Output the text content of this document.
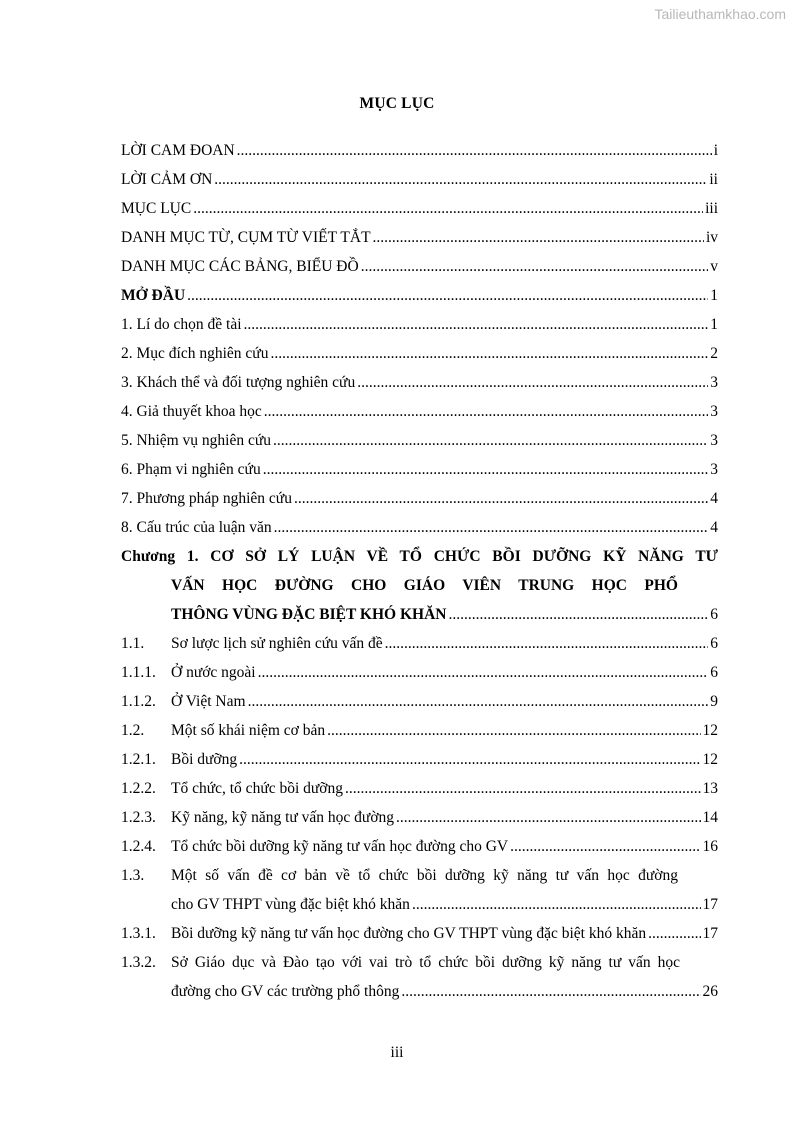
Tailieuthamkhao.com
MỤC LỤC
LỜI CAM ĐOAN .....	i
LỜI CẢM ƠN .....	ii
MỤC LỤC .....	iii
DANH MỤC TỪ, CỤM TỪ VIẾT TẮT .....	iv
DANH MỤC CÁC BẢNG, BIỂU ĐỒ .....	v
MỞ ĐẦU .....	1
1. Lí do chọn đề tài .....	1
2. Mục đích nghiên cứu .....	2
3. Khách thể và đối tượng nghiên cứu .....	3
4. Giả thuyết khoa học .....	3
5. Nhiệm vụ nghiên cứu .....	3
6. Phạm vi nghiên cứu .....	3
7. Phương pháp nghiên cứu .....	4
8. Cấu trúc của luận văn .....	4
Chương 1. CƠ SỞ LÝ LUẬN VỀ TỔ CHỨC BỒI DƯỠNG KỸ NĂNG TƯ
VẤN HỌC ĐƯỜNG CHO GIÁO VIÊN TRUNG HỌC PHỔ
THÔNG VÙNG ĐẶC BIỆT KHÓ KHĂN .....	6
1.1.	Sơ lược lịch sử nghiên cứu vấn đề .....	6
1.1.1. Ở nước ngoài .....	6
1.1.2. Ở Việt Nam .....	9
1.2.	Một số khái niệm cơ bản .....	12
1.2.1. Bồi dưỡng .....	12
1.2.2. Tổ chức, tổ chức bồi dưỡng .....	13
1.2.3. Kỹ năng, kỹ năng tư vấn học đường .....	14
1.2.4. Tổ chức bồi dưỡng kỹ năng tư vấn học đường cho GV .....	16
1.3.	Một số vấn đề cơ bản về tổ chức bồi dưỡng kỹ năng tư vấn học đường
cho GV THPT vùng đặc biệt khó khăn .....	17
1.3.1. Bồi dưỡng kỹ năng tư vấn học đường cho GV THPT vùng đặc biệt khó khăn .....	17
1.3.2. Sở Giáo dục và Đào tạo với vai trò tổ chức bồi dưỡng kỹ năng tư vấn học
đường cho GV các trường phổ thông .....	26
iii
